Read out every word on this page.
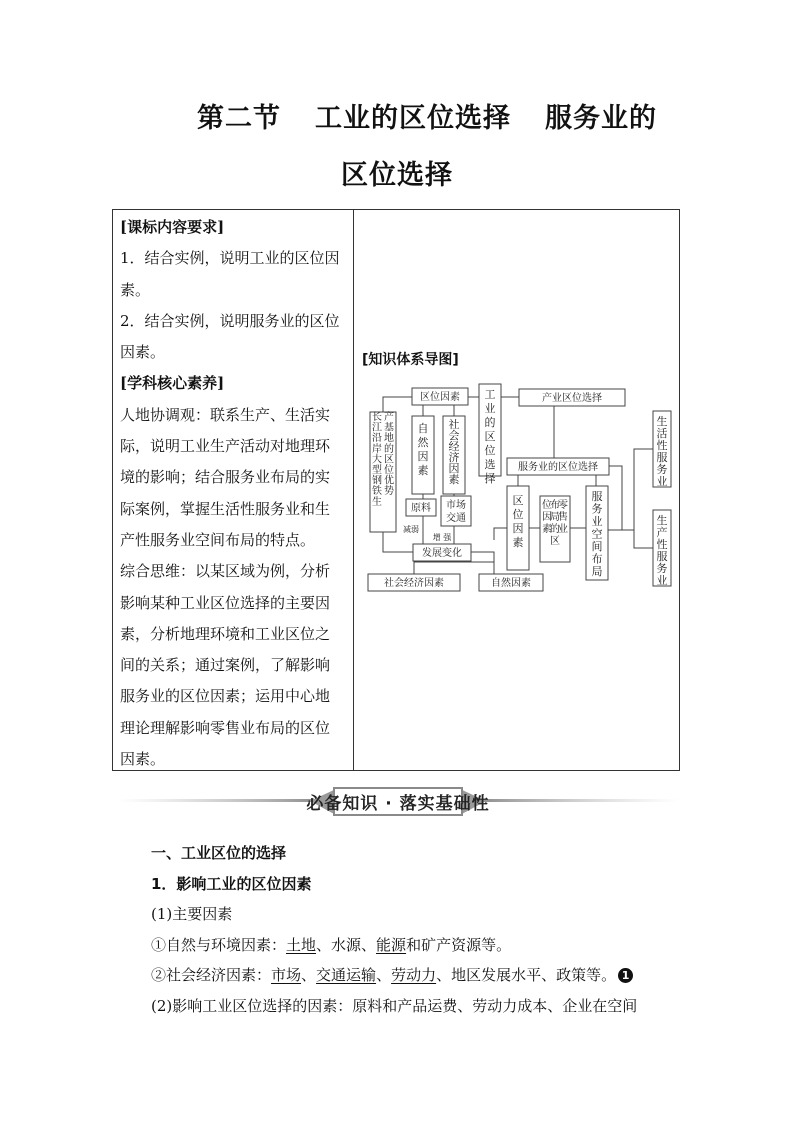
第二节 工业的区位选择 服务业的
区位选择

[课标内容要求]

1．结合实例，说明工业的区位因

素。

2．结合实例，说明服务业的区位

因素。

[学科核心素养]

人地协调观：联系生产、生活实

际，说明工业生产活动对地理环

境的影响；结合服务业布局的实

际案例，掌握生活性服务业和生

产性服务业空间布局的特点。

综合思维：以某区域为例，分析

影响某种工业区位选择的主要因

素，分析地理环境和工业区位之

间的关系；通过案例，了解影响

服务业的区位因素；运用中心地

理论理解影响零售业布局的区位

因素。

[知识体系导图]
区位因素
原料 市场
交通
减弱
增 强
发展变化
产业区位选择
服务业的区位选择
社会经济因素	自然因素
长江沿岸大型钢铁生产基地的区位优势
自然因素
社会经济因素
工业的区位选择
区位因素
零售业布局的区位因素
服务业空间布局
生活性服务业
生产性服务业
必备知识 · 落实基础性

一、工业区位的选择

1．影响工业的区位因素

(1)主要因素

①自然与环境因素：土地、水源、能源和矿产资源等。

②社会经济因素：市场、交通运输、劳动力、地区发展水平、政策等。 1

(2)影响工业区位选择的因素：原料和产品运费、劳动力成本、企业在空间
